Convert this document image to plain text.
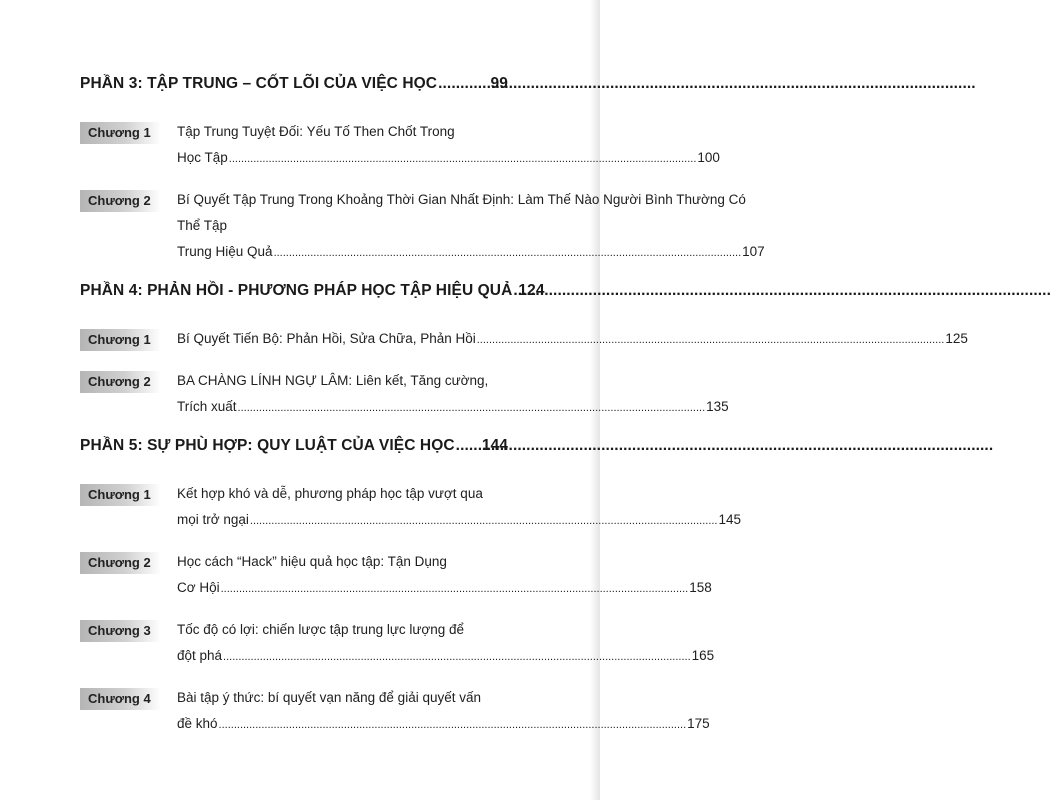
PHẦN 3: TẬP TRUNG – CỐT LÕI CỦA VIỆC HỌC .....	99
Chương 1	Tập Trung Tuyệt Đối: Yếu Tố Then Chốt Trong
Học Tập .....	100
Chương 2	Bí Quyết Tập Trung Trong Khoảng Thời Gian Nhất Định: Làm Thế Nào Người Bình Thường Có Thể Tập
Trung Hiệu Quả .....	107
PHẦN 4: PHẢN HỒI - PHƯƠNG PHÁP HỌC TẬP HIỆU QUẢ ..... 124
Chương 1	Bí Quyết Tiến Bộ: Phản Hồi, Sửa Chữa, Phản Hồi .....	125
Chương 2	BA CHÀNG LÍNH NGỰ LÂM: Liên kết, Tăng cường,
Trích xuất .....	135
PHẦN 5: SỰ PHÙ HỢP: QUY LUẬT CỦA VIỆC HỌC ..... 144
Chương 1	Kết hợp khó và dễ, phương pháp học tập vượt qua
mọi trở ngại .....	145
Chương 2	Học cách “Hack” hiệu quả học tập: Tận Dụng
Cơ Hội .....	158
Chương 3	Tốc độ có lợi: chiến lược tập trung lực lượng để
đột phá .....	165
Chương 4	Bài tập ý thức: bí quyết vạn năng để giải quyết vấn
đề khó .....	175
